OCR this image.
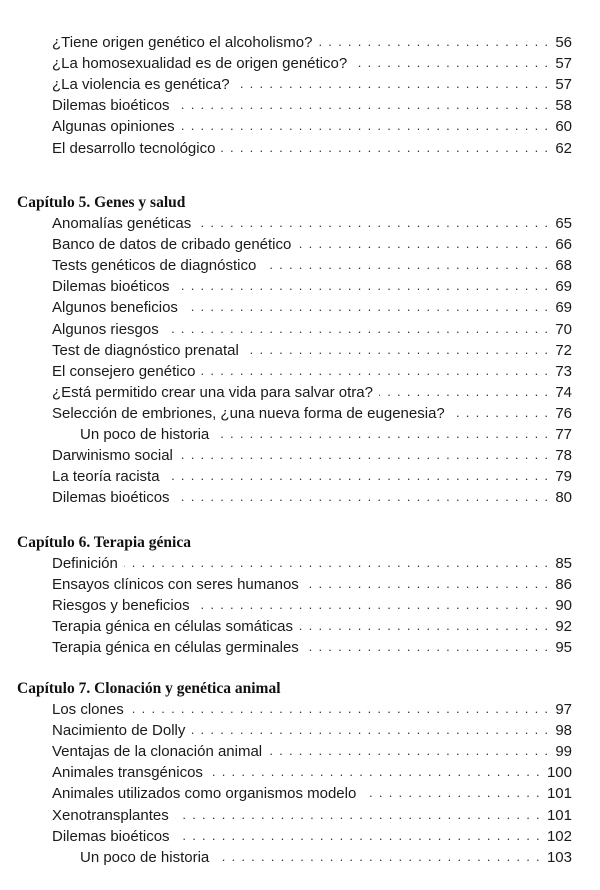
¿Tiene origen genético el alcoholismo? . . .	56
¿La homosexualidad es de origen genético? . . .	57
¿La violencia es genética? . . .	57
Dilemas bioéticos . . .	58
Algunas opiniones . . .	60
El desarrollo tecnológico . . .	62
Capítulo 5. Genes y salud
Anomalías genéticas . . .	65
Banco de datos de cribado genético . . .	66
Tests genéticos de diagnóstico . . .	68
Dilemas bioéticos . . .	69
Algunos beneficios . . .	69
Algunos riesgos . . .	70
Test de diagnóstico prenatal . . .	72
El consejero genético . . .	73
¿Está permitido crear una vida para salvar otra? . . .	74
Selección de embriones, ¿una nueva forma de eugenesia? . . .	76
Un poco de historia . . .	77
Darwinismo social . . .	78
La teoría racista . . .	79
Dilemas bioéticos . . .	80
Capítulo 6. Terapia génica
Definición . . .	85
Ensayos clínicos con seres humanos . . .	86
Riesgos y beneficios . . .	90
Terapia génica en células somáticas . . .	92
Terapia génica en células germinales . . .	95
Capítulo 7. Clonación y genética animal
Los clones . . .	97
Nacimiento de Dolly . . .	98
Ventajas de la clonación animal . . .	99
Animales transgénicos . . .	100
Animales utilizados como organismos modelo . . .	101
Xenotransplantes . . .	101
Dilemas bioéticos . . .	102
Un poco de historia . . .	103
